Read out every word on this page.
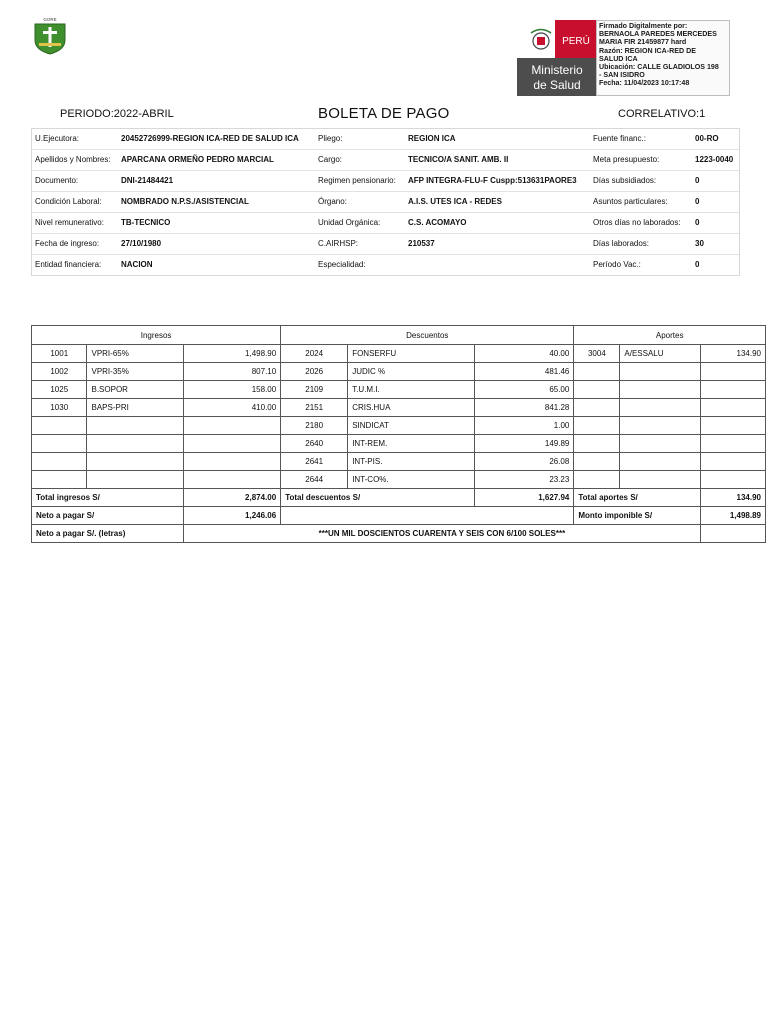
GORE
PERÚ
Ministerio
de Salud
Firmado Digitalmente por:
BERNAOLA PAREDES MERCEDES
MARIA FIR 21459877 hard
Razón: REGION ICA-RED DE
SALUD ICA
Ubicación: CALLE GLADIOLOS 198
- SAN ISIDRO
Fecha: 11/04/2023 10:17:48
PERIODO:2022-ABRIL	BOLETA DE PAGO	CORRELATIVO:1
U.Ejecutora:	20452726999-REGION ICA-RED DE SALUD ICA	Pliego:	REGION ICA	Fuente financ.:	00-RO
Apellidos y Nombres:	APARCANA ORMEÑO PEDRO MARCIAL	Cargo:	TECNICO/A SANIT. AMB. II	Meta presupuesto:	1223-0040
Documento:	DNI-21484421	Regimen pensionario:	AFP INTEGRA-FLU-F Cuspp:513631PAORE3	Días subsidiados:	0
Condición Laboral:	NOMBRADO N.P.S./ASISTENCIAL	Órgano:	A.I.S. UTES ICA - REDES	Asuntos particulares:	0
Nivel remunerativo:	TB-TECNICO	Unidad Orgánica:	C.S. ACOMAYO	Otros días no laborados:	0
Fecha de ingreso:	27/10/1980	C.AIRHSP:	210537	Días laborados:	30
Entidad financiera:	NACION	Especialidad:	Período Vac.:	0
Ingresos			Descuentos			Aportes		
1001	VPRI-65%	1,498.90	2024	FONSERFU	40.00	3004	A/ESSALU	134.90
1002	VPRI-35%	807.10	2026	JUDIC %	481.46			
1025	B.SOPOR	158.00	2109	T.U.M.I.	65.00			
1030	BAPS-PRI	410.00	2151	CRIS.HUA	841.28			
			2180	SINDICAT	1.00			
			2640	INT-REM.	149.89			
			2641	INT-PIS.	26.08			
			2644	INT-CO%.	23.23			
Total ingresos S/		2,874.00	Total descuentos S/		1,627.94	Total aportes S/		134.90
Neto a pagar S/		1,246.06				Monto imponible S/		1,498.89
Neto a pagar S/. (letras)		***UN MIL DOSCIENTOS CUARENTA Y SEIS CON 6/100 SOLES***						
